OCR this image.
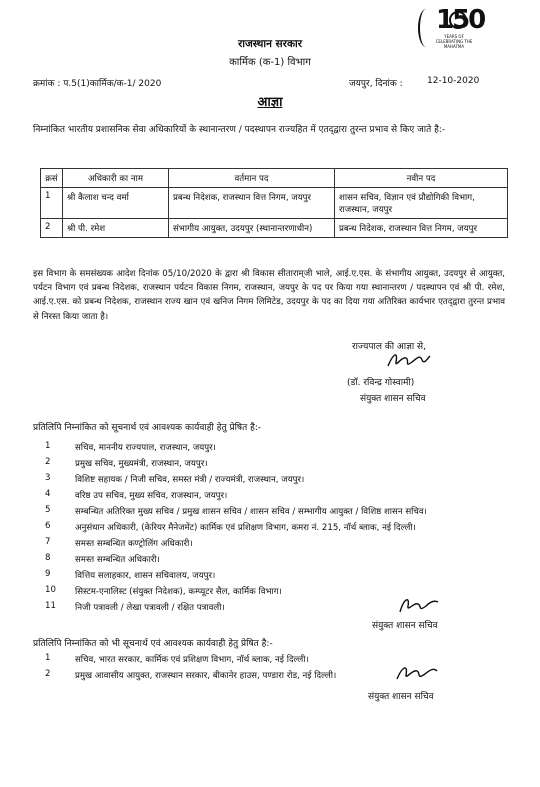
150
YEARS OF CELEBRATING THE MAHATMA
राजस्थान सरकार
कार्मिक (क-1) विभाग
क्रमांक : प.5(1)कार्मिक/क-1/ 2020	जयपुर, दिनांक :	12-10-2020
आज्ञा
निम्नांकित भारतीय प्रशासनिक सेवा अधिकारियों के स्थानान्तरण / पदस्थापन राज्यहित में एतद्‌द्वारा तुरन्त प्रभाव से किए जाते है:-
क्रसं	अधिकारी का नाम	वर्तमान पद	नवीन पद
1	श्री कैलाश चन्द वर्मा	प्रबन्ध निदेशक, राजस्थान वित्त निगम, जयपुर	शासन सचिव, विज्ञान एवं प्रौद्योगिकी विभाग, राजस्थान, जयपुर
2	श्री पी. रमेश	संभागीय आयुक्त, उदयपुर (स्थानान्तरणाधीन)	प्रबन्ध निदेशक, राजस्थान वित्त निगम, जयपुर
इस विभाग के समसंख्यक आदेश दिनांक 05/10/2020 के द्वारा श्री विकास सीताराम्‌जी भाले, आई.ए.एस. के संभागीय आयुक्त, उदयपुर से आयुक्त, पर्यटन विभाग एवं प्रबन्ध निदेशक, राजस्थान पर्यटन विकास निगम, राजस्थान, जयपुर के पद पर किया गया स्थानान्तरण / पदस्थापन एवं श्री पी. रमेश, आई.ए.एस. को प्रबन्ध निदेशक, राजस्थान राज्य खान एवं खनिज निगम लिमिटेड, उदयपुर के पद का दिया गया अतिरिक्त कार्यभार एतद्‌द्वारा तुरन्त प्रभाव से निरस्त किया जाता है।
राज्यपाल की आज्ञा से,
(डॉ. रविन्द्र गोस्वामी)
संयुक्त शासन सचिव
प्रतिलिपि निम्नांकित को सूचनार्थ एवं आवश्यक कार्यवाही हेतु प्रेषित है:-
1	सचिव, माननीय राज्यपाल, राजस्थान, जयपुर।
2	प्रमुख सचिव, मुख्यमंत्री, राजस्थान, जयपुर।
3	विशिष्ट सहायक / निजी सचिव, समस्त मंत्री / राज्यमंत्री, राजस्थान, जयपुर।
4	वरिष्ठ उप सचिव, मुख्य सचिव, राजस्थान, जयपुर।
5	सम्बन्धित अतिरिक्त मुख्य सचिव / प्रमुख शासन सचिव / शासन सचिव / सम्भागीय आयुक्त / विशिष्ठ शासन सचिव।
6	अनुसंधान अधिकारी, (केरियर मैनेजमेंट) कार्मिक एवं प्रशिक्षण विभाग, कमरा नं. 215, नॉर्थ ब्लाक, नई दिल्ली।
7	समस्त सम्बन्धित कण्ट्रोलिंग अधिकारी।
8	समस्त सम्बन्धित अधिकारी।
9	वित्तिय सलाहकार, शासन सचिवालय, जयपुर।
10	सिस्टम-एनालिस्ट (संयुक्त निदेशक), कम्प्यूटर सैल, कार्मिक विभाग।
11	निजी पत्रावली / लेखा पत्रावली / रक्षित पत्रावली।
संयुक्त शासन सचिव
प्रतिलिपि निम्नांकित को भी सूचनार्थ एवं आवश्यक कार्यवाही हेतु प्रेषित है:-
1	सचिव, भारत सरकार, कार्मिक एवं प्रशिक्षण विभाग, नॉर्थ ब्लाक, नई दिल्ली।
2	प्रमुख आवासीय आयुक्त, राजस्थान सरकार, बीकानेर हाउस, पण्डारा रोड, नई दिल्ली।
संयुक्त शासन सचिव
